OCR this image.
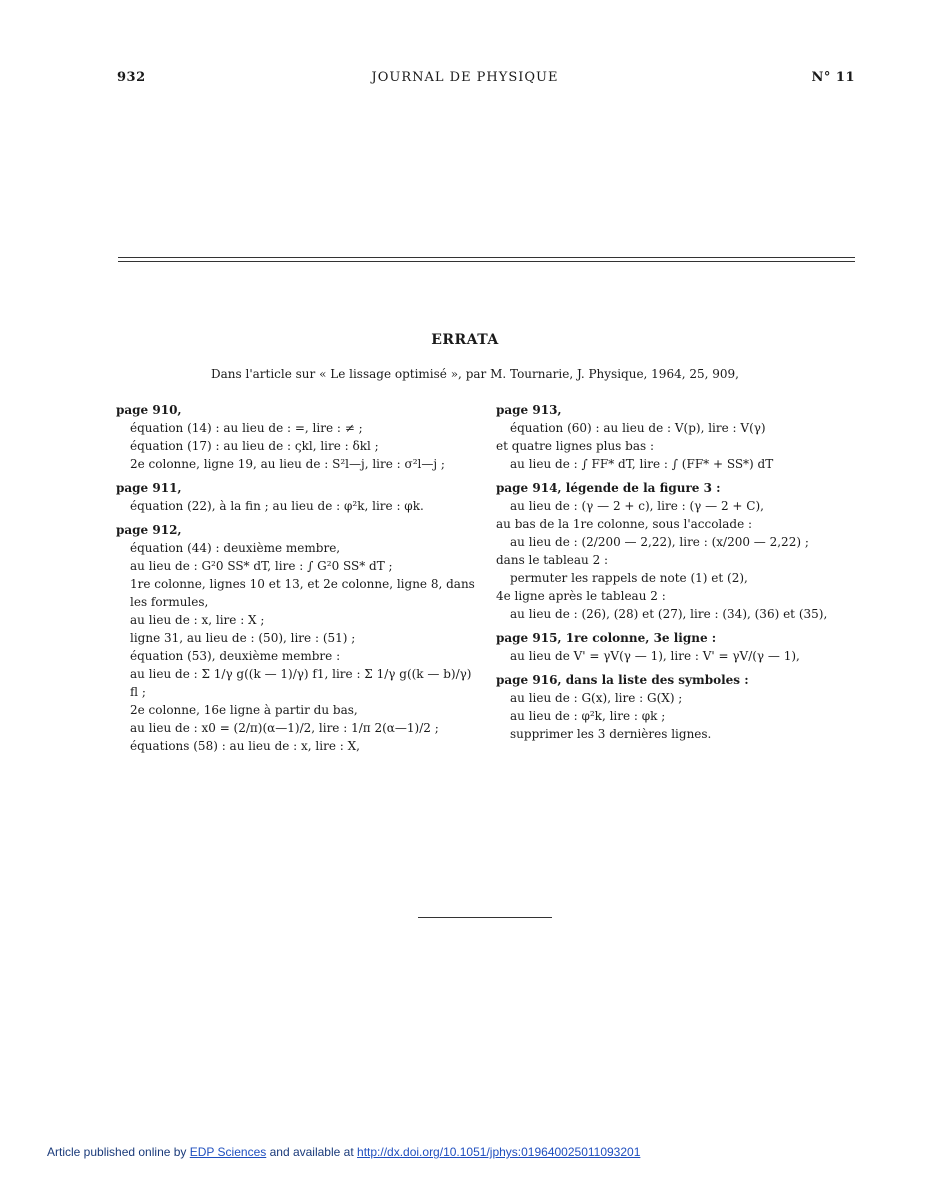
932	JOURNAL DE PHYSIQUE	N° 11
ERRATA
Dans l'article sur « Le lissage optimisé », par M. Tournarie, J. Physique, 1964, 25, 909,
page 910,
équation (14) : au lieu de : =, lire : ≠ ;
équation (17) : au lieu de : ςkl, lire : δkl ;
2e colonne, ligne 19, au lieu de : S²l—j, lire : σ²l—j ;
page 911,
équation (22), à la fin ; au lieu de : φ²k, lire : φk.
page 912,
équation (44) : deuxième membre,
au lieu de : G²0 SS* dT, lire : ∫ G²0 SS* dT ;
1re colonne, lignes 10 et 13, et 2e colonne, ligne 8, dans les formules,
au lieu de : x, lire : X ;
ligne 31, au lieu de : (50), lire : (51) ;
équation (53), deuxième membre :
au lieu de : Σ 1/γ g((k — 1)/γ) f1, lire : Σ 1/γ g((k — b)/γ) fl ;
2e colonne, 16e ligne à partir du bas,
au lieu de : x0 = (2/π)(α—1)/2, lire : 1/π 2(α—1)/2 ;
équations (58) : au lieu de : x, lire : X,
page 913,
équation (60) : au lieu de : V(p), lire : V(γ)
et quatre lignes plus bas :
au lieu de : ∫ FF* dT, lire : ∫ (FF* + SS*) dT
page 914, légende de la figure 3 :
au lieu de : (γ — 2 + c), lire : (γ — 2 + C),
au bas de la 1re colonne, sous l'accolade :
au lieu de : (2/200 — 2,22), lire : (x/200 — 2,22) ;
dans le tableau 2 :
permuter les rappels de note (1) et (2),
4e ligne après le tableau 2 :
au lieu de : (26), (28) et (27), lire : (34), (36) et (35),
page 915, 1re colonne, 3e ligne :
au lieu de V' = γV(γ — 1), lire : V' = γV/(γ — 1),
page 916, dans la liste des symboles :
au lieu de : G(x), lire : G(X) ;
au lieu de : φ²k, lire : φk ;
supprimer les 3 dernières lignes.
Article published online by EDP Sciences and available at http://dx.doi.org/10.1051/jphys:019640025011093201
